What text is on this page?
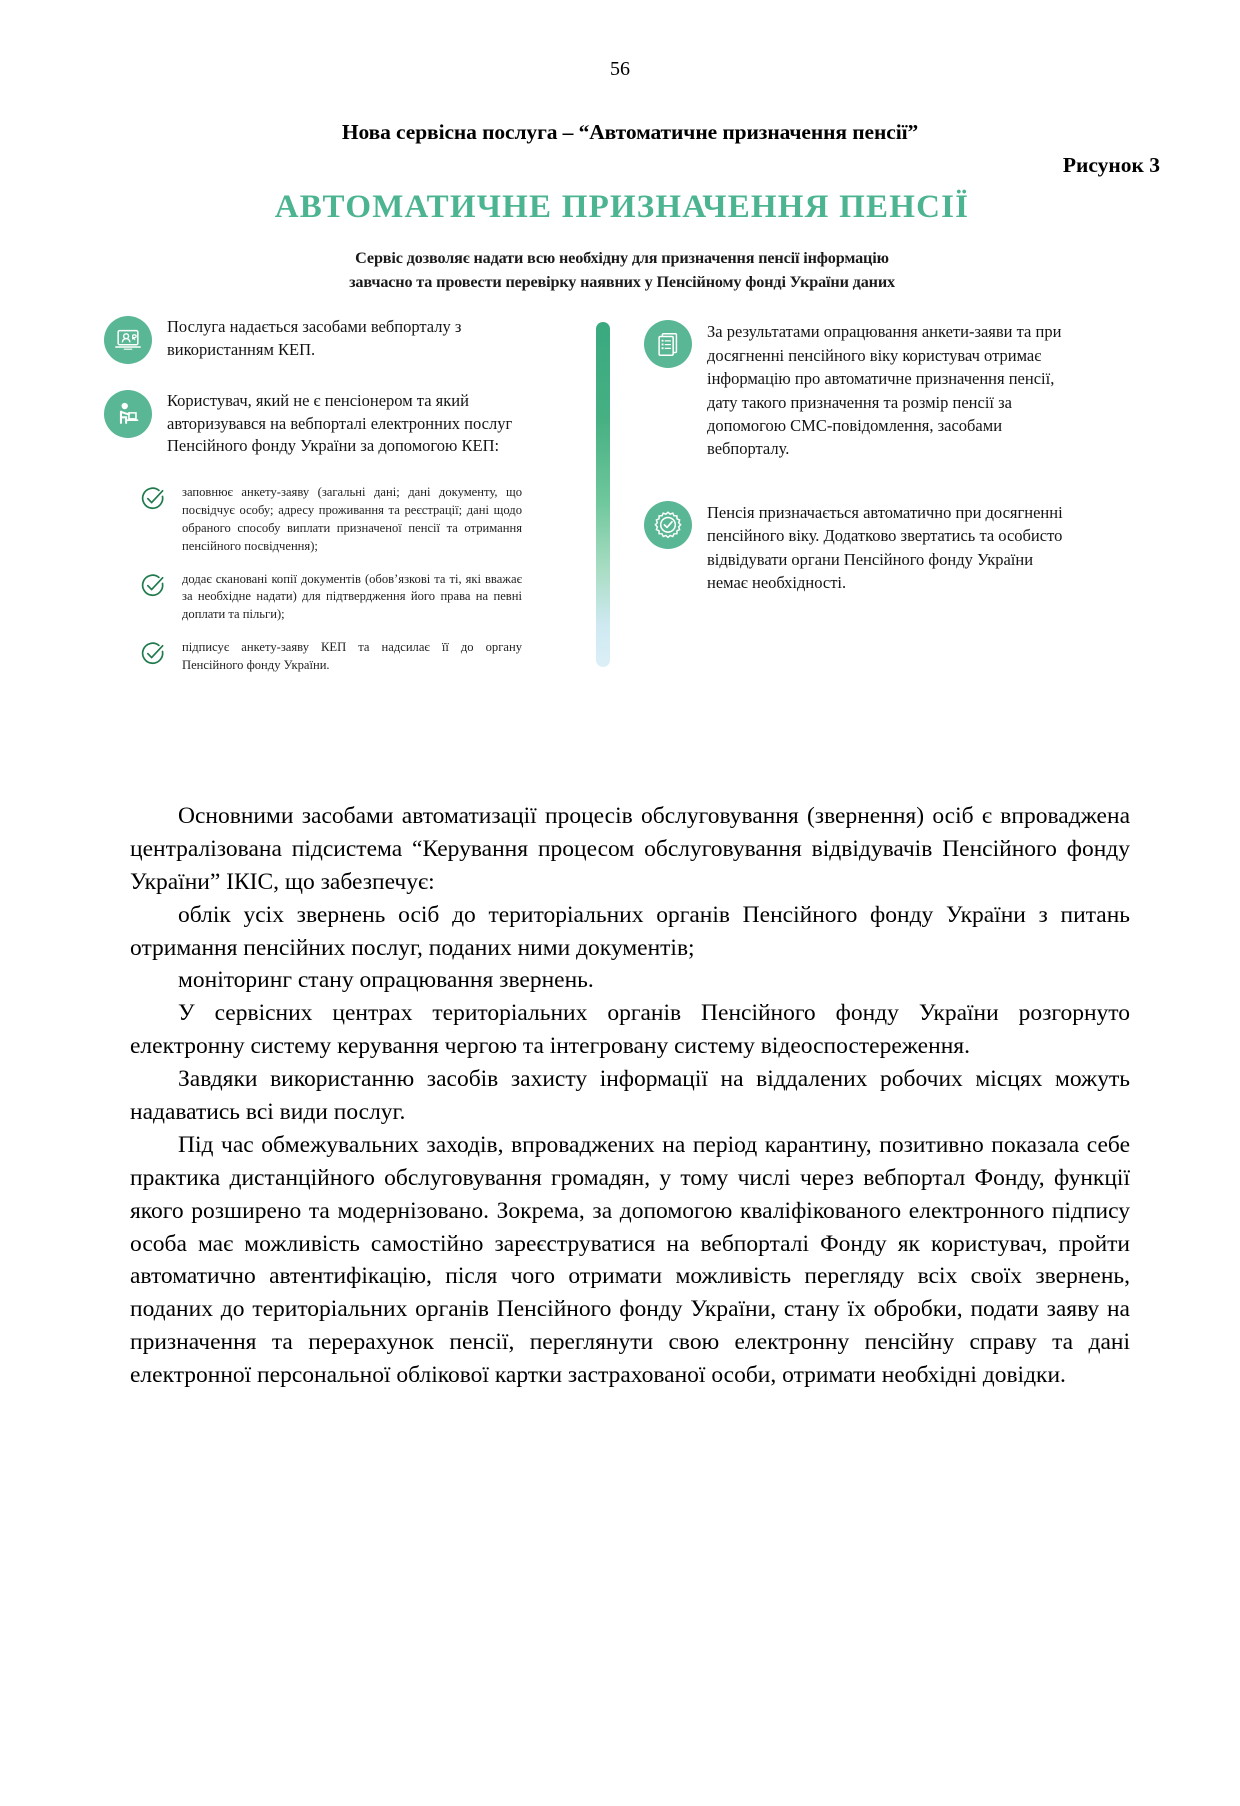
56
Нова сервісна послуга – “Автоматичне призначення пенсії”
Рисунок 3
АВТОМАТИЧНЕ ПРИЗНАЧЕННЯ ПЕНСІЇ
Сервіс дозволяє надати всю необхідну для призначення пенсії інформацію
завчасно та провести перевірку наявних у Пенсійному фонді України даних
Послуга надається засобами вебпорталу з використанням КЕП.
Користувач, який не є пенсіонером та який авторизувався на вебпорталі електронних послуг Пенсійного фонду України за допомогою КЕП:
заповнює анкету-заяву (загальні дані; дані документу, що посвідчує особу; адресу проживання та реєстрації; дані щодо обраного способу виплати призначеної пенсії та отримання пенсійного посвідчення);
додає сканованi копії документів (обов’язкові та ті, які вважає за необхідне надати) для підтвердження його права на певні доплати та пільги);
підписує анкету-заяву КЕП та надсилає її до органу Пенсійного фонду України.
За результатами опрацювання анкети-заяви та при досягненні пенсійного віку користувач отримає інформацію про автоматичне призначення пенсії, дату такого призначення та розмір пенсії за допомогою СМС-повідомлення, засобами вебпорталу.
Пенсія призначається автоматично при досягненні пенсійного віку. Додатково звертатись та особисто відвідувати органи Пенсійного фонду України немає необхідності.

Основними засобами автоматизації процесів обслуговування (звернення) осіб є впроваджена централізована підсистема “Керування процесом обслуговування відвідувачів Пенсійного фонду України” ІКІС, що забезпечує:

облік усіх звернень осіб до територіальних органів Пенсійного фонду України з питань отримання пенсійних послуг, поданих ними документів;

моніторинг стану опрацювання звернень.

У сервісних центрах територіальних органів Пенсійного фонду України розгорнуто електронну систему керування чергою та інтегровану систему відеоспостереження.

Завдяки використанню засобів захисту інформації на віддалених робочих місцях можуть надаватись всі види послуг.

Під час обмежувальних заходів, впроваджених на період карантину, позитивно показала себе практика дистанційного обслуговування громадян, у тому числі через вебпортал Фонду, функції якого розширено та модернізовано. Зокрема, за допомогою кваліфікованого електронного підпису особа має можливість самостійно зареєструватися на вебпорталі Фонду як користувач, пройти автоматично автентифікацію, після чого отримати можливість перегляду всіх своїх звернень, поданих до територіальних органів Пенсійного фонду України, стану їх обробки, подати заяву на призначення та перерахунок пенсії, переглянути свою електронну пенсійну справу та дані електронної персональної облікової картки застрахованої особи, отримати необхідні довідки.
